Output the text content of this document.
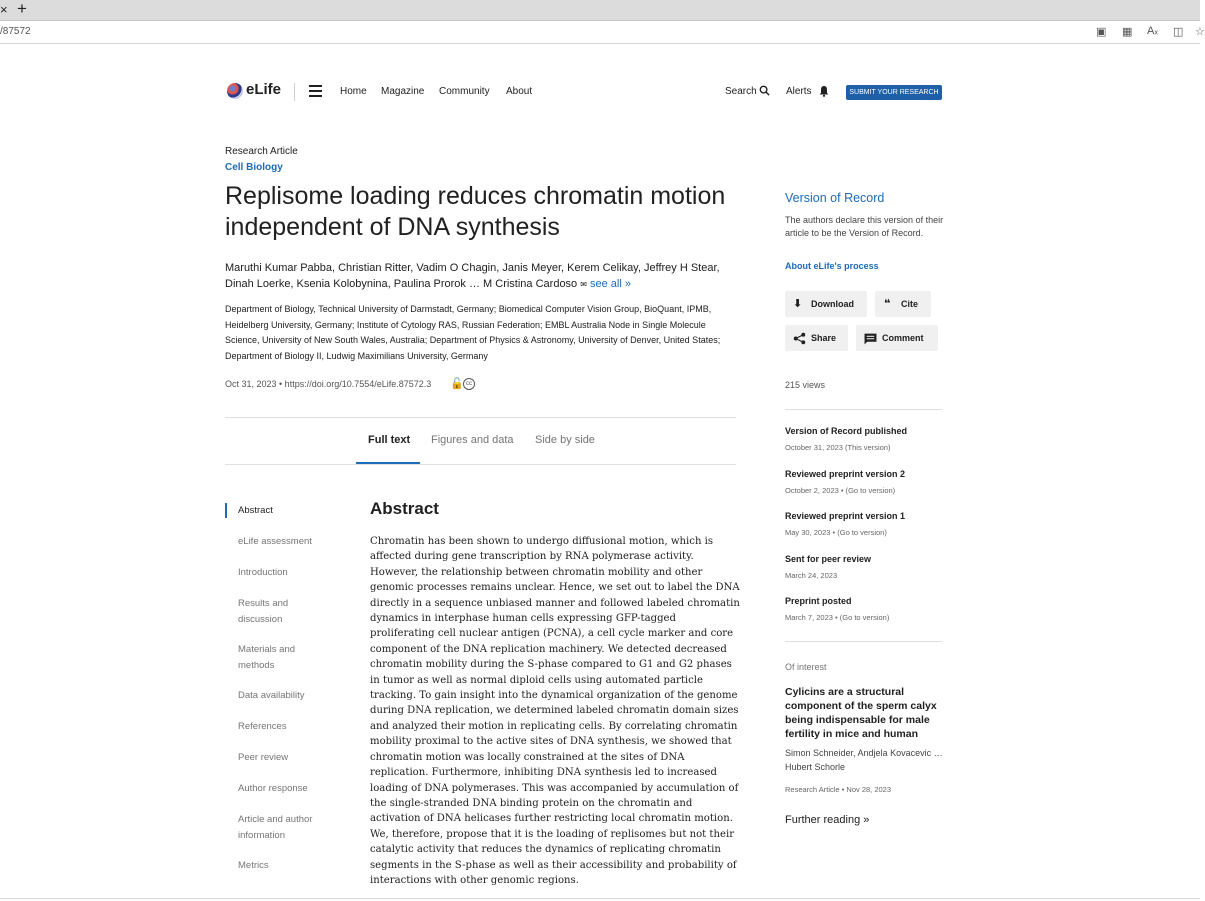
× +
/87572	▣ ▦ Aₓ ◫ ☆
eLife	Home Magazine Community About	Search	Alerts	SUBMIT YOUR RESEARCH
Research Article
Cell Biology
Replisome loading reduces chromatin motion independent of DNA synthesis
Maruthi Kumar Pabba, Christian Ritter, Vadim O Chagin, Janis Meyer, Kerem Celikay, Jeffrey H Stear, Dinah Loerke, Ksenia Kolobynina, Paulina Prorok … M Cristina Cardoso ✉ see all »
Department of Biology, Technical University of Darmstadt, Germany; Biomedical Computer Vision Group, BioQuant, IPMB, Heidelberg University, Germany; Institute of Cytology RAS, Russian Federation; EMBL Australia Node in Single Molecule Science, University of New South Wales, Australia; Department of Physics & Astronomy, University of Denver, United States; Department of Biology II, Ludwig Maximilians University, Germany
Oct 31, 2023 • https://doi.org/10.7554/eLife.87572.3 🔓 cc
Full text Figures and data Side by side
Abstract
eLife assessment
Introduction
Results and discussion
Materials and methods
Data availability
References
Peer review
Author response
Article and author information
Metrics
Abstract
Chromatin has been shown to undergo diffusional motion, which is affected during gene transcription by RNA polymerase activity. However, the relationship between chromatin mobility and other genomic processes remains unclear. Hence, we set out to label the DNA directly in a sequence unbiased manner and followed labeled chromatin dynamics in interphase human cells expressing GFP-tagged proliferating cell nuclear antigen (PCNA), a cell cycle marker and core component of the DNA replication machinery. We detected decreased chromatin mobility during the S-phase compared to G1 and G2 phases in tumor as well as normal diploid cells using automated particle tracking. To gain insight into the dynamical organization of the genome during DNA replication, we determined labeled chromatin domain sizes and analyzed their motion in replicating cells. By correlating chromatin mobility proximal to the active sites of DNA synthesis, we showed that chromatin motion was locally constrained at the sites of DNA replication. Furthermore, inhibiting DNA synthesis led to increased loading of DNA polymerases. This was accompanied by accumulation of the single-stranded DNA binding protein on the chromatin and activation of DNA helicases further restricting local chromatin motion. We, therefore, propose that it is the loading of replisomes but not their catalytic activity that reduces the dynamics of replicating chromatin segments in the S-phase as well as their accessibility and probability of interactions with other genomic regions.
Version of Record
The authors declare this version of their article to be the Version of Record.
About eLife's process
⬇ Download	❝ Cite
Share	Comment
215 views
Version of Record published
October 31, 2023 (This version)
Reviewed preprint version 2
October 2, 2023 • (Go to version)
Reviewed preprint version 1
May 30, 2023 • (Go to version)
Sent for peer review
March 24, 2023
Preprint posted
March 7, 2023 • (Go to version)
Of interest
Cylicins are a structural component of the sperm calyx being indispensable for male fertility in mice and human
Simon Schneider, Andjela Kovacevic … Hubert Schorle
Research Article • Nov 28, 2023
Further reading »
